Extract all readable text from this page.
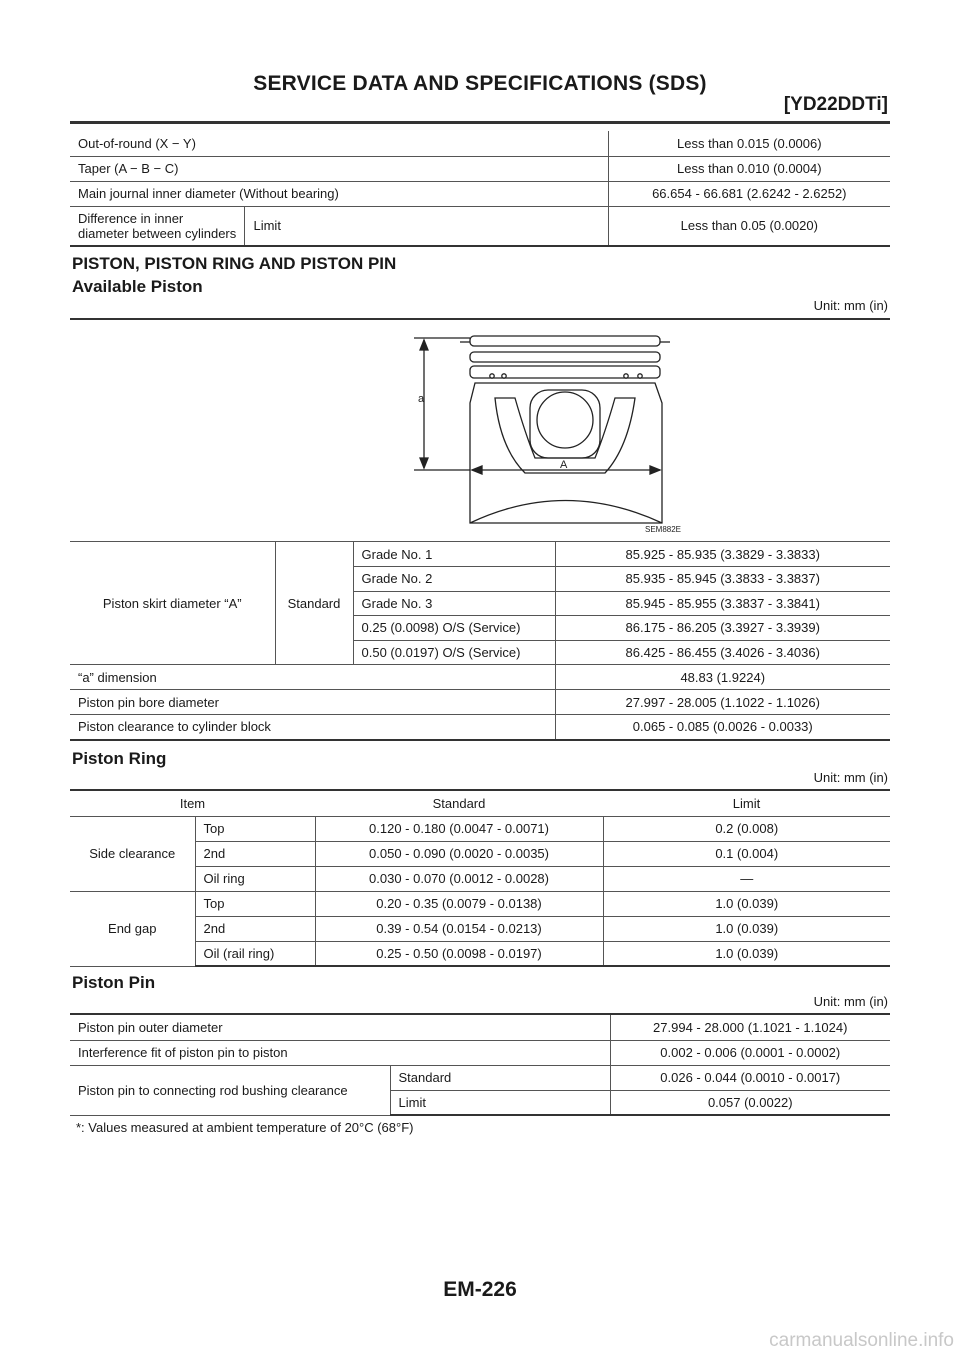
SERVICE DATA AND SPECIFICATIONS (SDS)
[YD22DDTi]
Out-of-round (X − Y)		Less than 0.015 (0.0006)
Taper (A − B − C)		Less than 0.010 (0.0004)
Main journal inner diameter (Without bearing)		66.654 - 66.681 (2.6242 - 2.6252)
Difference in inner diameter between cylinders	Limit	Less than 0.05 (0.0020)
PISTON, PISTON RING AND PISTON PIN
Available Piston
Unit: mm (in)
a
A
SEM882E
Piston skirt diameter “A”	Standard	Grade No. 1	85.925 - 85.935 (3.3829 - 3.3833)
		Grade No. 2	85.935 - 85.945 (3.3833 - 3.3837)
		Grade No. 3	85.945 - 85.955 (3.3837 - 3.3841)
		0.25 (0.0098) O/S (Service)	86.175 - 86.205 (3.3927 - 3.3939)
		0.50 (0.0197) O/S (Service)	86.425 - 86.455 (3.4026 - 3.4036)
“a” dimension			48.83 (1.9224)
Piston pin bore diameter			27.997 - 28.005 (1.1022 - 1.1026)
Piston clearance to cylinder block			0.065 - 0.085 (0.0026 - 0.0033)
Piston Ring
Unit: mm (in)
Item		Standard	Limit
Side clearance	Top	0.120 - 0.180 (0.0047 - 0.0071)	0.2 (0.008)
	2nd	0.050 - 0.090 (0.0020 - 0.0035)	0.1 (0.004)
	Oil ring	0.030 - 0.070 (0.0012 - 0.0028)	—
End gap	Top	0.20 - 0.35 (0.0079 - 0.0138)	1.0 (0.039)
	2nd	0.39 - 0.54 (0.0154 - 0.0213)	1.0 (0.039)
	Oil (rail ring)	0.25 - 0.50 (0.0098 - 0.0197)	1.0 (0.039)
Piston Pin
Unit: mm (in)
Piston pin outer diameter		27.994 - 28.000 (1.1021 - 1.1024)
Interference fit of piston pin to piston		0.002 - 0.006 (0.0001 - 0.0002)
Piston pin to connecting rod bushing clearance	Standard	0.026 - 0.044 (0.0010 - 0.0017)
	Limit	0.057 (0.0022)
*: Values measured at ambient temperature of 20°C (68°F)
EM-226
carmanualsonline.info
